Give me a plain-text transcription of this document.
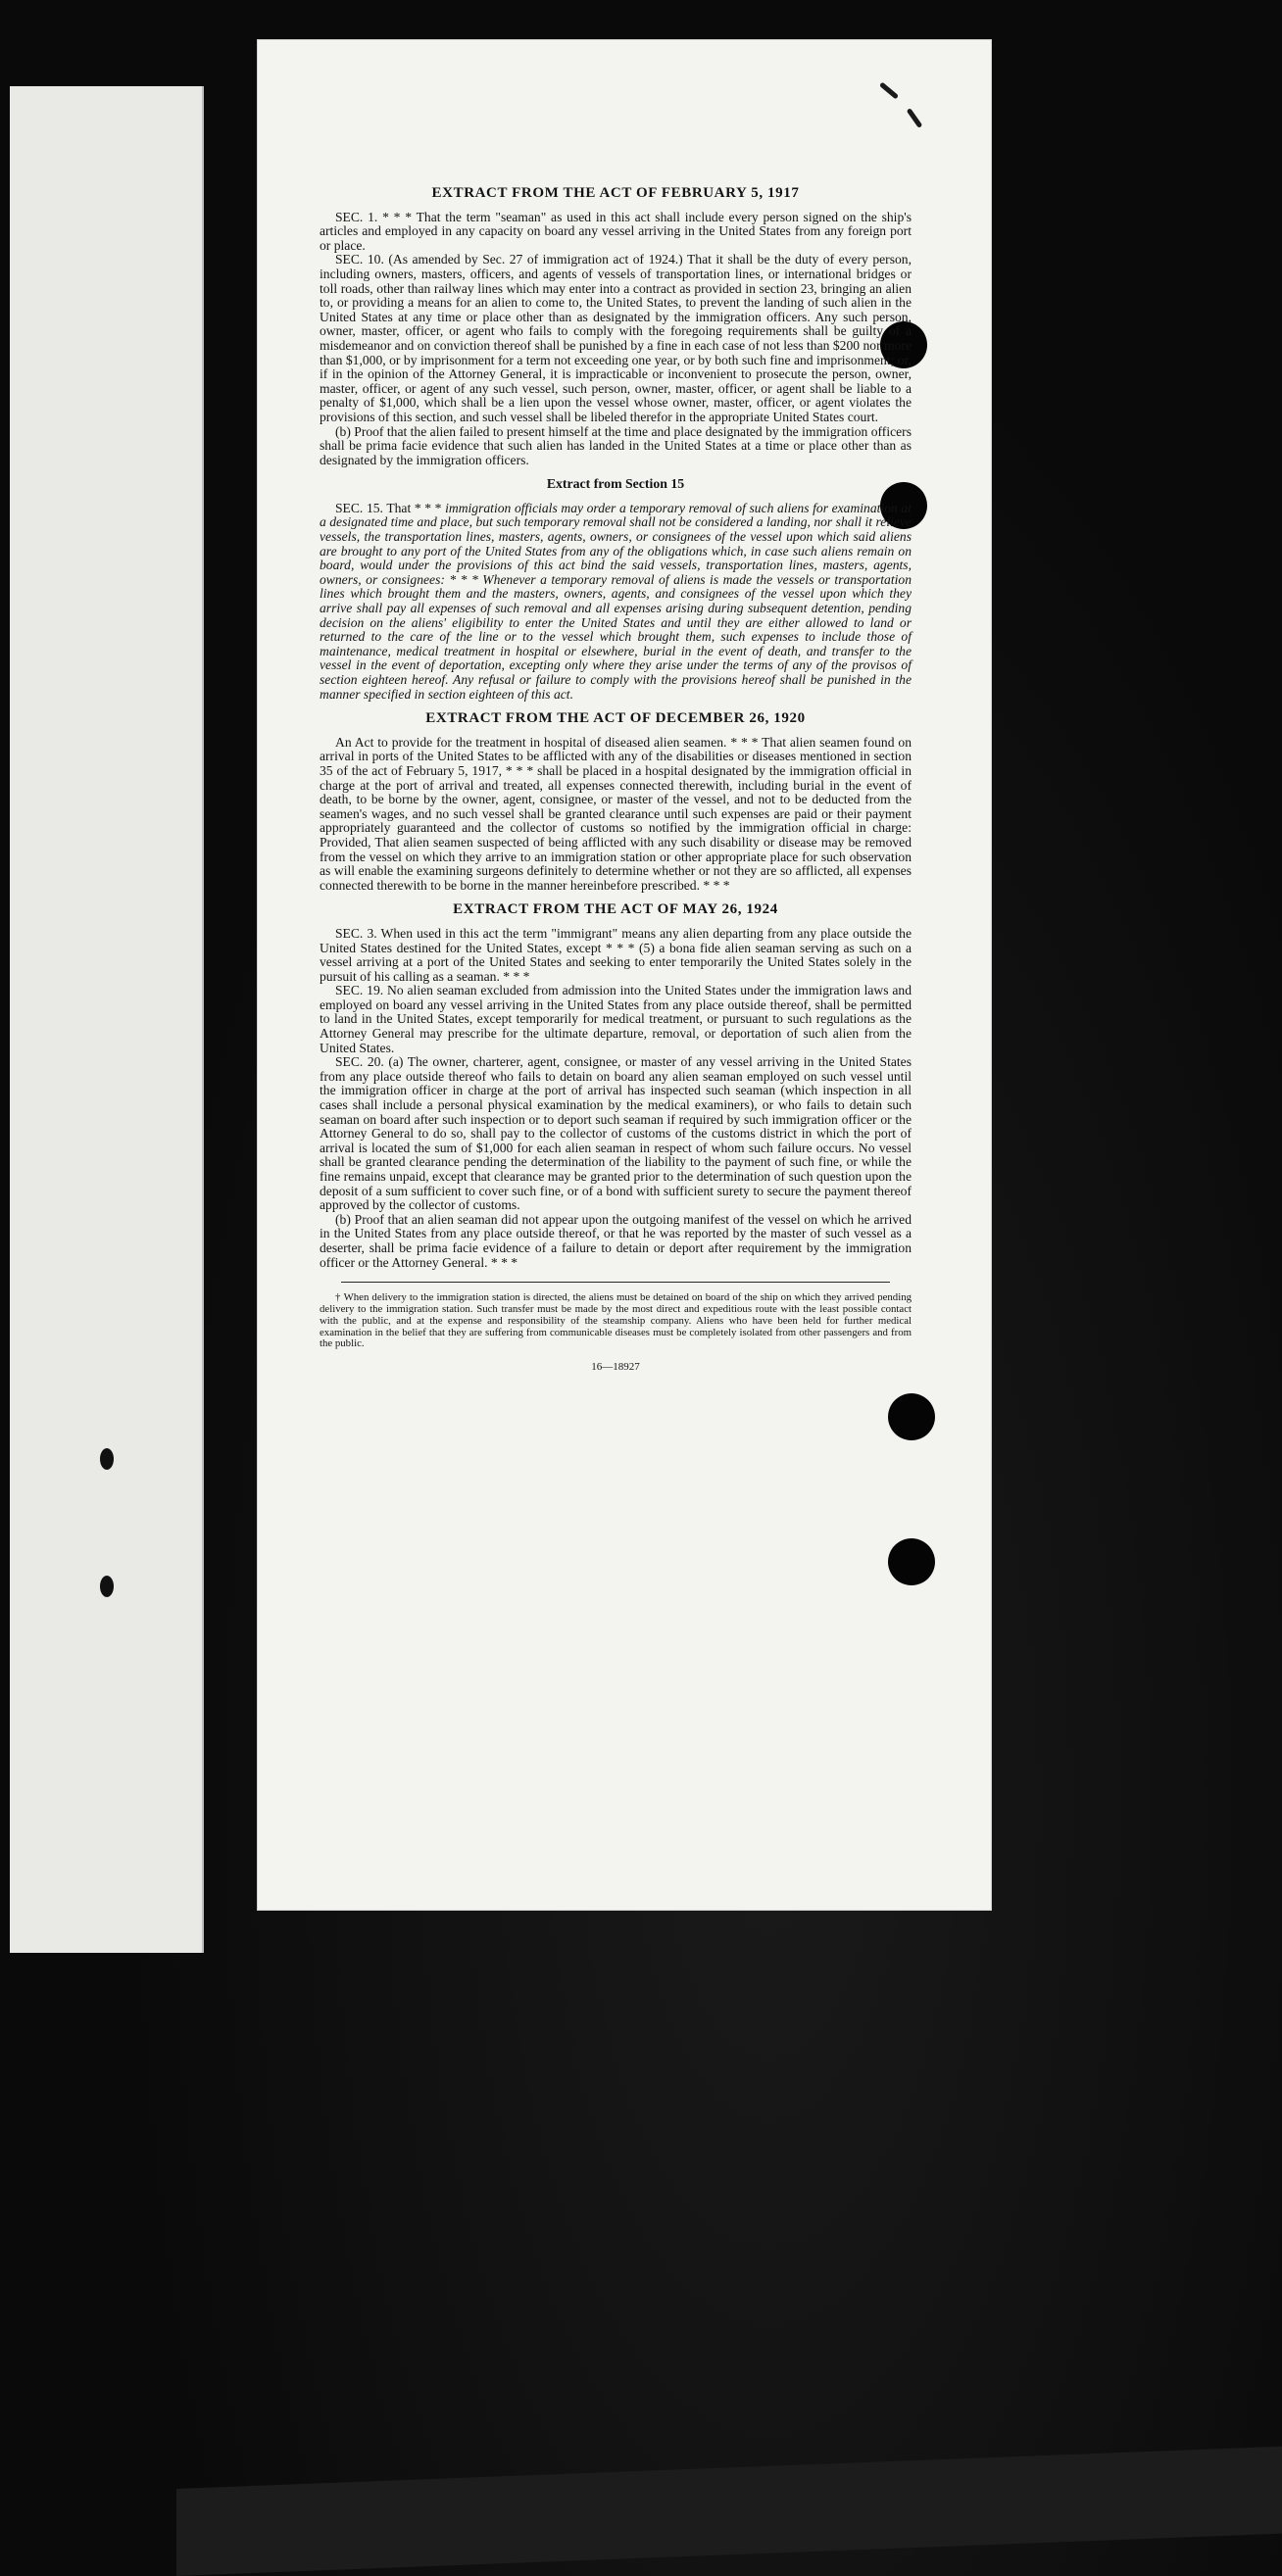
EXTRACT FROM THE ACT OF FEBRUARY 5, 1917

SEC. 1. * * * That the term "seaman" as used in this act shall include every person signed on the ship's articles and employed in any capacity on board any vessel arriving in the United States from any foreign port or place.

SEC. 10. (As amended by Sec. 27 of immigration act of 1924.) That it shall be the duty of every person, including owners, masters, officers, and agents of vessels of transportation lines, or international bridges or toll roads, other than railway lines which may enter into a contract as provided in section 23, bringing an alien to, or providing a means for an alien to come to, the United States, to prevent the landing of such alien in the United States at any time or place other than as designated by the immigration officers. Any such person, owner, master, officer, or agent who fails to comply with the foregoing requirements shall be guilty of a misdemeanor and on conviction thereof shall be punished by a fine in each case of not less than $200 nor more than $1,000, or by imprisonment for a term not exceeding one year, or by both such fine and imprisonment; or, if in the opinion of the Attorney General, it is impracticable or inconvenient to prosecute the person, owner, master, officer, or agent of any such vessel, such person, owner, master, officer, or agent shall be liable to a penalty of $1,000, which shall be a lien upon the vessel whose owner, master, officer, or agent violates the provisions of this section, and such vessel shall be libeled therefor in the appropriate United States court.

(b) Proof that the alien failed to present himself at the time and place designated by the immigration officers shall be prima facie evidence that such alien has landed in the United States at a time or place other than as designated by the immigration officers.

Extract from Section 15

SEC. 15. That * * * immigration officials may order a temporary removal of such aliens for examination at a designated time and place, but such temporary removal shall not be considered a landing, nor shall it relieve vessels, the transportation lines, masters, agents, owners, or consignees of the vessel upon which said aliens are brought to any port of the United States from any of the obligations which, in case such aliens remain on board, would under the provisions of this act bind the said vessels, transportation lines, masters, agents, owners, or consignees: * * * Whenever a temporary removal of aliens is made the vessels or transportation lines which brought them and the masters, owners, agents, and consignees of the vessel upon which they arrive shall pay all expenses of such removal and all expenses arising during subsequent detention, pending decision on the aliens' eligibility to enter the United States and until they are either allowed to land or returned to the care of the line or to the vessel which brought them, such expenses to include those of maintenance, medical treatment in hospital or elsewhere, burial in the event of death, and transfer to the vessel in the event of deportation, excepting only where they arise under the terms of any of the provisos of section eighteen hereof. Any refusal or failure to comply with the provisions hereof shall be punished in the manner specified in section eighteen of this act.

EXTRACT FROM THE ACT OF DECEMBER 26, 1920

An Act to provide for the treatment in hospital of diseased alien seamen. * * * That alien seamen found on arrival in ports of the United States to be afflicted with any of the disabilities or diseases mentioned in section 35 of the act of February 5, 1917, * * * shall be placed in a hospital designated by the immigration official in charge at the port of arrival and treated, all expenses connected therewith, including burial in the event of death, to be borne by the owner, agent, consignee, or master of the vessel, and not to be deducted from the seamen's wages, and no such vessel shall be granted clearance until such expenses are paid or their payment appropriately guaranteed and the collector of customs so notified by the immigration official in charge: Provided, That alien seamen suspected of being afflicted with any such disability or disease may be removed from the vessel on which they arrive to an immigration station or other appropriate place for such observation as will enable the examining surgeons definitely to determine whether or not they are so afflicted, all expenses connected therewith to be borne in the manner hereinbefore prescribed. * * *

EXTRACT FROM THE ACT OF MAY 26, 1924

SEC. 3. When used in this act the term "immigrant" means any alien departing from any place outside the United States destined for the United States, except * * * (5) a bona fide alien seaman serving as such on a vessel arriving at a port of the United States and seeking to enter temporarily the United States solely in the pursuit of his calling as a seaman. * * *

SEC. 19. No alien seaman excluded from admission into the United States under the immigration laws and employed on board any vessel arriving in the United States from any place outside thereof, shall be permitted to land in the United States, except temporarily for medical treatment, or pursuant to such regulations as the Attorney General may prescribe for the ultimate departure, removal, or deportation of such alien from the United States.

SEC. 20. (a) The owner, charterer, agent, consignee, or master of any vessel arriving in the United States from any place outside thereof who fails to detain on board any alien seaman employed on such vessel until the immigration officer in charge at the port of arrival has inspected such seaman (which inspection in all cases shall include a personal physical examination by the medical examiners), or who fails to detain such seaman on board after such inspection or to deport such seaman if required by such immigration officer or the Attorney General to do so, shall pay to the collector of customs of the customs district in which the port of arrival is located the sum of $1,000 for each alien seaman in respect of whom such failure occurs. No vessel shall be granted clearance pending the determination of the liability to the payment of such fine, or while the fine remains unpaid, except that clearance may be granted prior to the determination of such question upon the deposit of a sum sufficient to cover such fine, or of a bond with sufficient surety to secure the payment thereof approved by the collector of customs.

(b) Proof that an alien seaman did not appear upon the outgoing manifest of the vessel on which he arrived in the United States from any place outside thereof, or that he was reported by the master of such vessel as a deserter, shall be prima facie evidence of a failure to detain or deport after requirement by the immigration officer or the Attorney General. * * *

† When delivery to the immigration station is directed, the aliens must be detained on board of the ship on which they arrived pending delivery to the immigration station. Such transfer must be made by the most direct and expeditious route with the least possible contact with the public, and at the expense and responsibility of the steamship company. Aliens who have been held for further medical examination in the belief that they are suffering from communicable diseases must be completely isolated from other passengers and from the public.

16—18927
